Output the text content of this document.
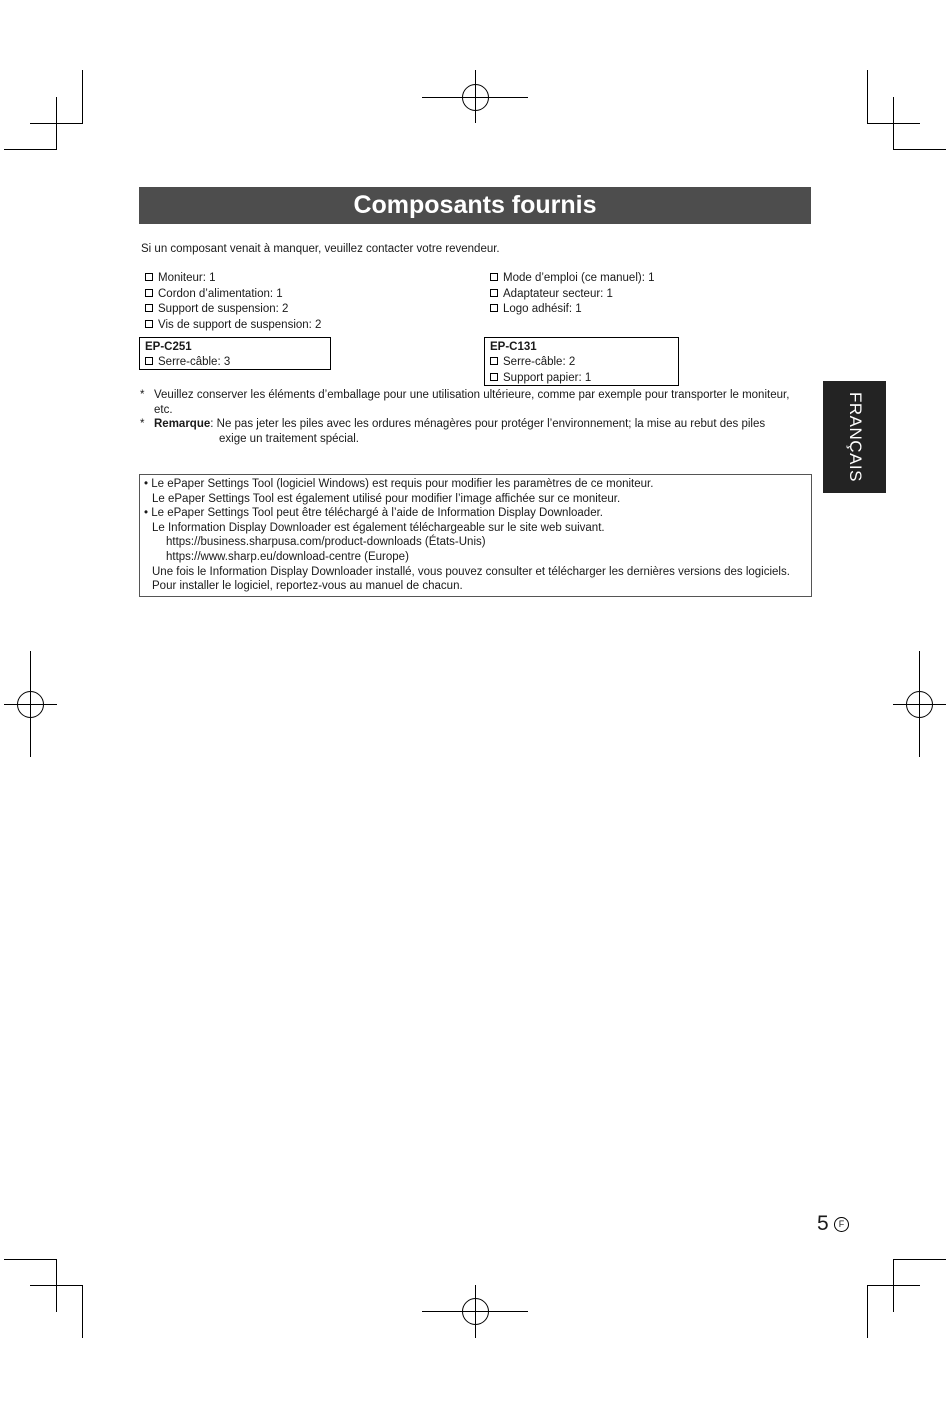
Composants fournis
Si un composant venait à manquer, veuillez contacter votre revendeur.
Moniteur: 1
Cordon d’alimentation: 1
Support de suspension: 2
Vis de support de suspension: 2
Mode d’emploi (ce manuel): 1
Adaptateur secteur: 1
Logo adhésif: 1
EP-C251
Serre-câble: 3
EP-C131
Serre-câble: 2
Support papier: 1
* Veuillez conserver les éléments d’emballage pour une utilisation ultérieure, comme par exemple pour transporter le moniteur,
etc.
* Remarque: Ne pas jeter les piles avec les ordures ménagères pour protéger l’environnement; la mise au rebut des piles
exige un traitement spécial.
• Le ePaper Settings Tool (logiciel Windows) est requis pour modifier les paramètres de ce moniteur.
Le ePaper Settings Tool est également utilisé pour modifier l’image affichée sur ce moniteur.
• Le ePaper Settings Tool peut être téléchargé à l’aide de Information Display Downloader.
Le Information Display Downloader est également téléchargeable sur le site web suivant.
https://business.sharpusa.com/product-downloads (États-Unis)
https://www.sharp.eu/download-centre (Europe)
Une fois le Information Display Downloader installé, vous pouvez consulter et télécharger les dernières versions des logiciels.
Pour installer le logiciel, reportez-vous au manuel de chacun.
FRANÇAIS
5	F
